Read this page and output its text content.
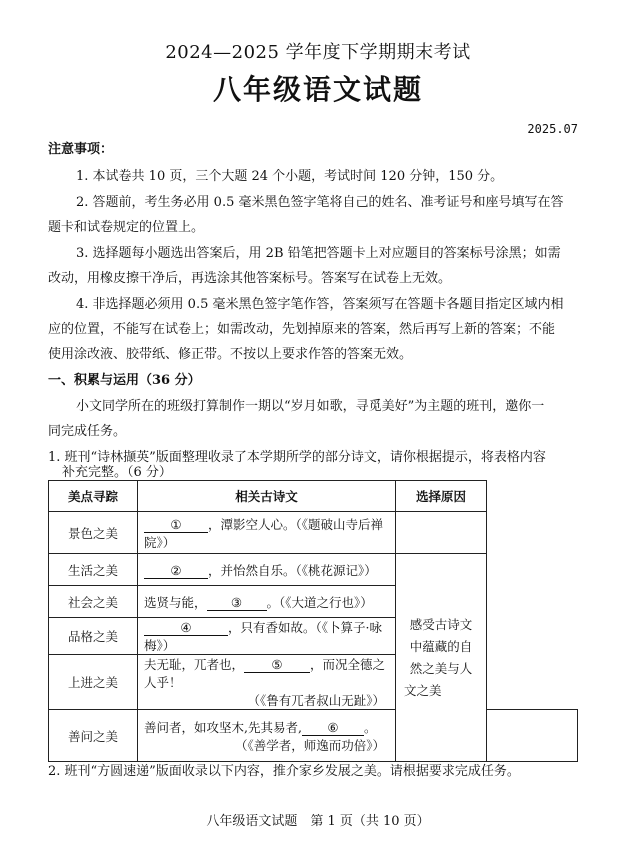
2024—2025 学年度下学期期末考试
八年级语文试题
2025.07
注意事项：
1. 本试卷共 10 页，三个大题 24 个小题，考试时间 120 分钟，150 分。
2. 答题前，考生务必用 0.5 毫米黑色签字笔将自己的姓名、准考证号和座号填写在答
题卡和试卷规定的位置上。
3. 选择题每小题选出答案后，用 2B 铅笔把答题卡上对应题目的答案标号涂黑；如需
改动，用橡皮擦干净后，再选涂其他答案标号。答案写在试卷上无效。
4. 非选择题必须用 0.5 毫米黑色签字笔作答，答案须写在答题卡各题目指定区域内相
应的位置，不能写在试卷上；如需改动，先划掉原来的答案，然后再写上新的答案；不能
使用涂改液、胶带纸、修正带。不按以上要求作答的答案无效。
一、积累与运用（36 分）
小文同学所在的班级打算制作一期以“岁月如歌，寻觅美好”为主题的班刊，邀你一
同完成任务。
1. 班刊“诗林撷英”版面整理收录了本学期所学的部分诗文，请你根据提示，将表格内容
补充完整。（6 分）
美点寻踪	相关古诗文	选择原因	
景色之美	① ，潭影空人心。（《题破山寺后禅院》）		
生活之美	② ，并怡然自乐。（《桃花源记》）	感受古诗文
中蕴藏的自
然之美与人
文之美	

社会之美	选贤与能， ③ 。（《大道之行也》）		
品格之美	④ ，只有香如故。（《卜算子·咏梅》）		
上进之美	夫无耻，兀者也， ⑤ ，而况全德之人乎！
（《鲁有兀者叔山无趾》）		

善问之美	善问者，如攻坚木,先其易者, ⑥ 。
（《善学者，师逸而功倍》）		

2. 班刊“方圆速递”版面收录以下内容，推介家乡发展之美。请根据要求完成任务。
八年级语文试题　第 1 页（共 10 页）
